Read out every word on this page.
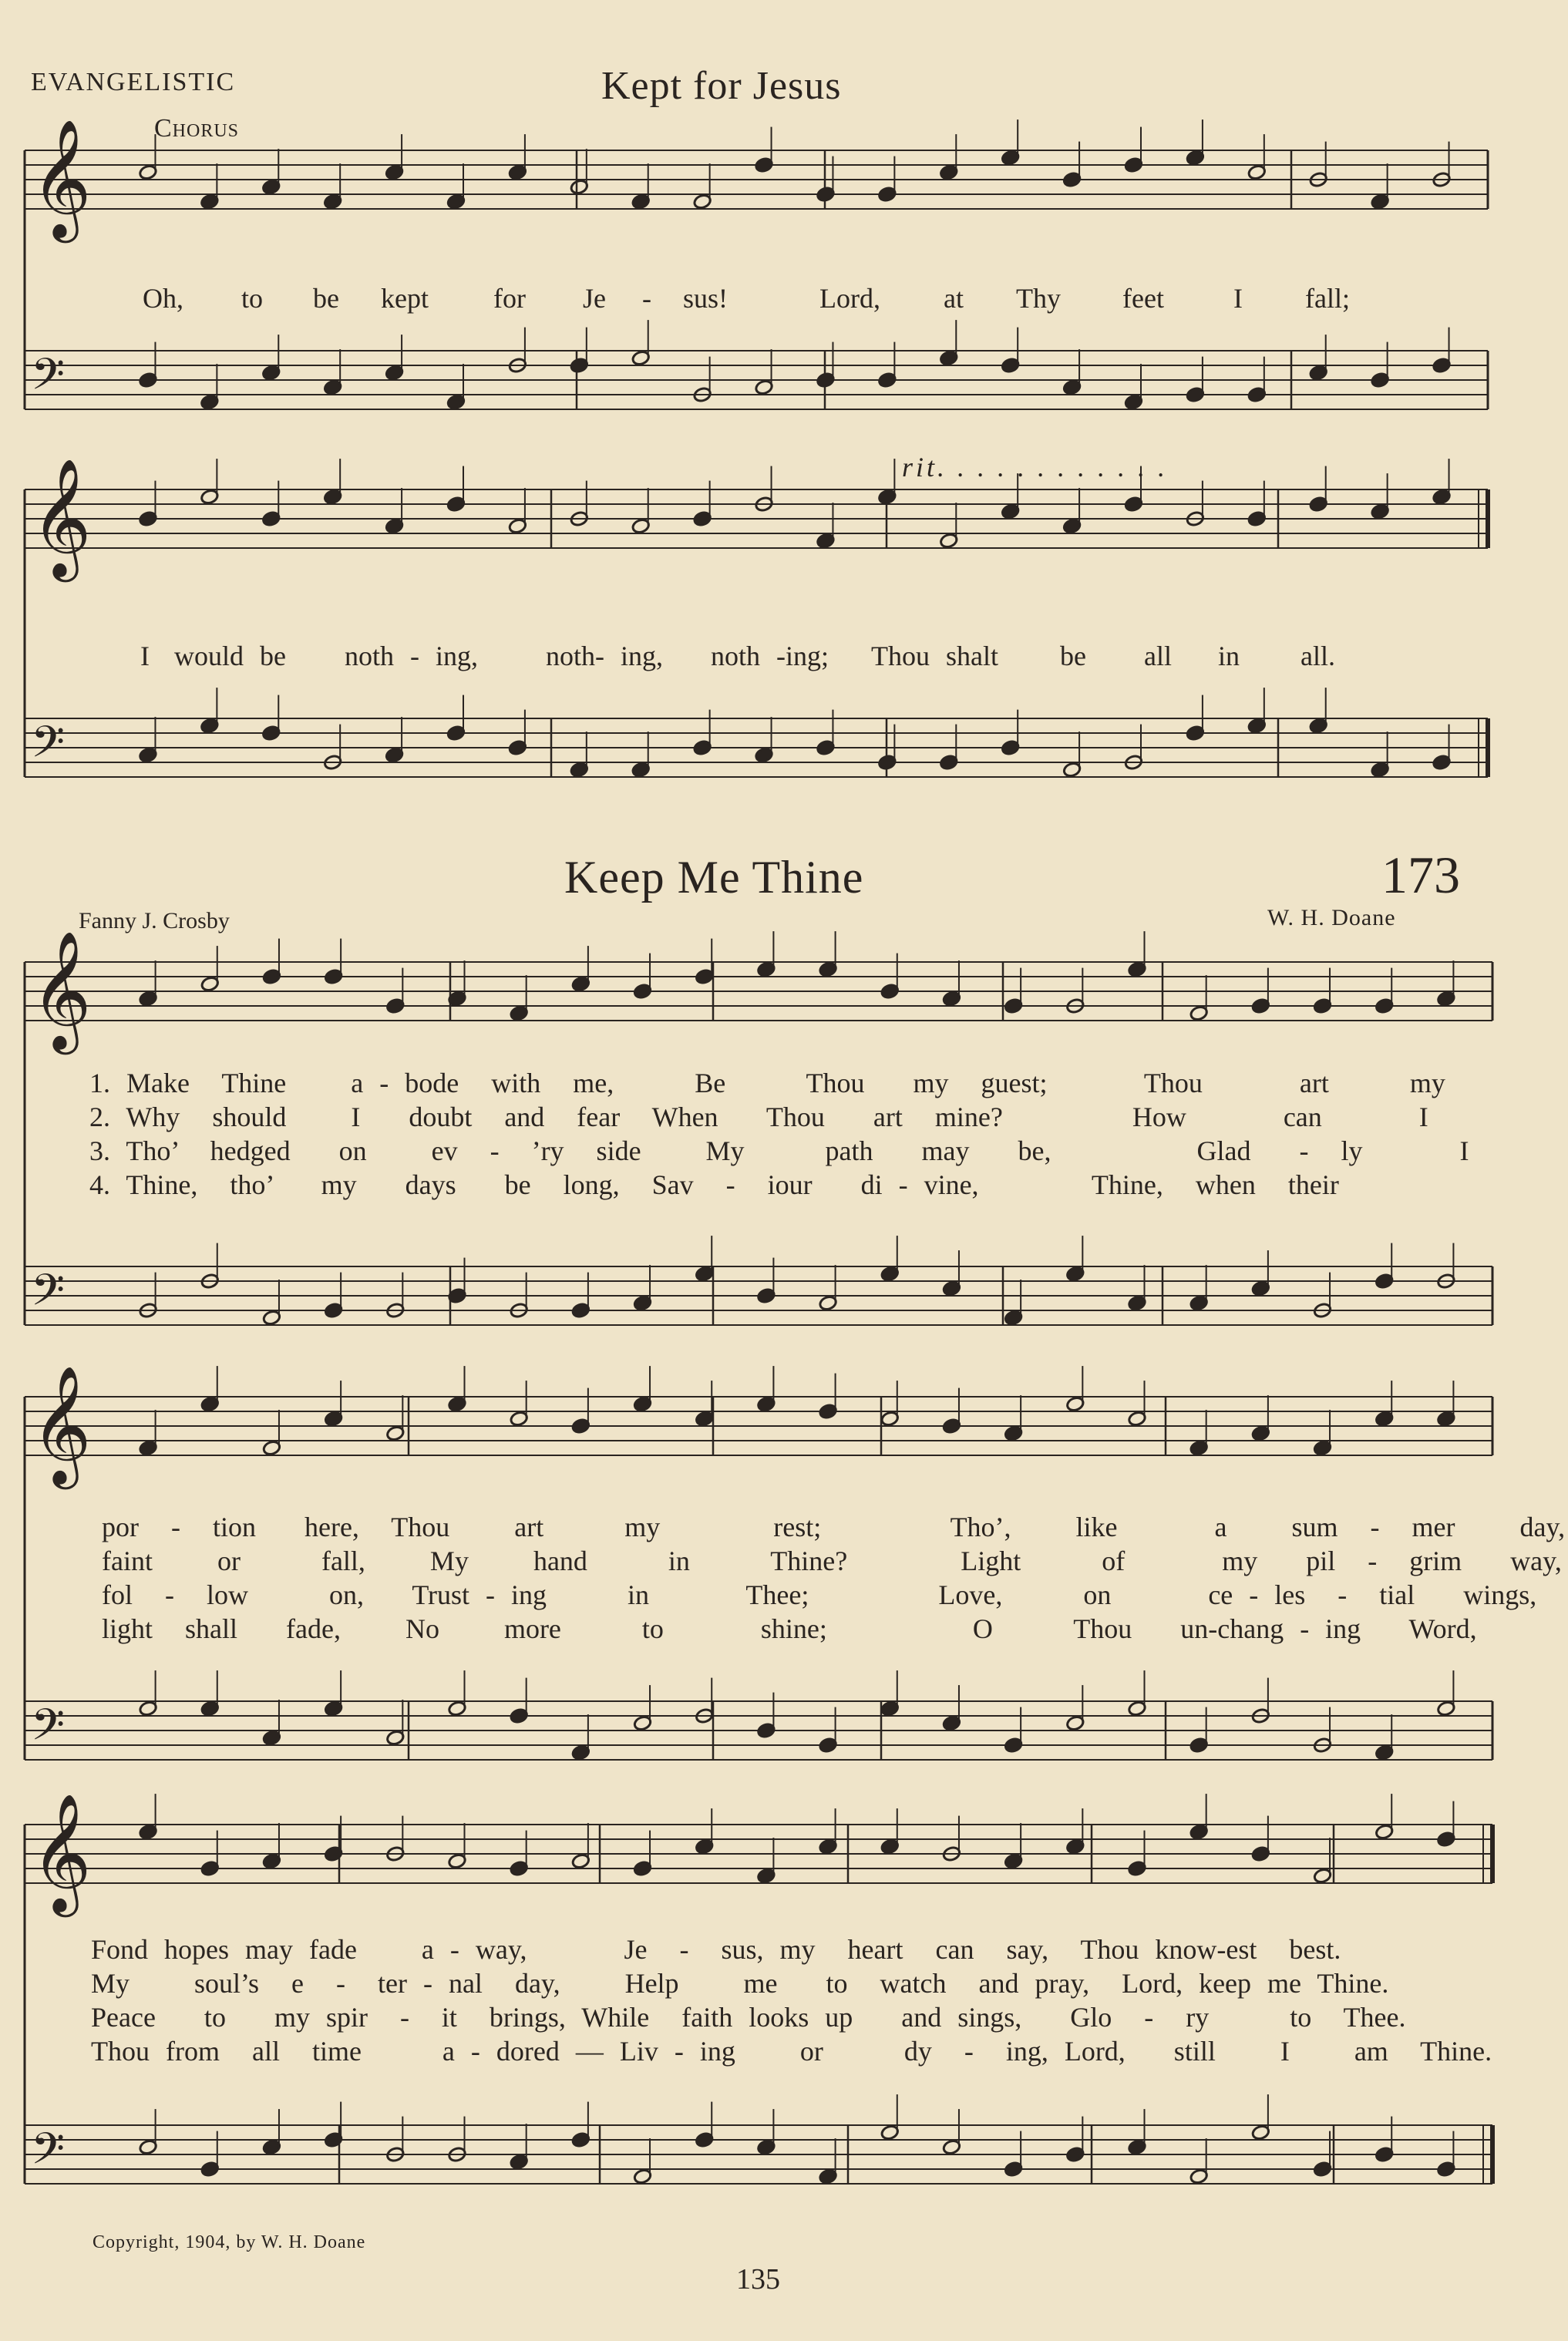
𝄞
𝄢
𝄞
𝄢
𝄞
𝄢
𝄞
𝄢
𝄞
𝄢
EVANGELISTIC	Kept for Jesus
Chorus
Oh, to be kept for Je - sus!	Lord, at Thy feet	I fall;
rit. . . . . . . . . . . .
I would be noth - ing, noth- ing, noth -ing; Thou shalt be all in all.
Keep Me Thine	173
Fanny J. Crosby	W. H. Doane
1. Make  Thine    a - bode  with  me,     Be     Thou   my  guest;      Thou      art     my
2. Why  should    I   doubt  and  fear  When   Thou   art  mine?        How      can      I
3. Tho’  hedged   on    ev  -  ’ry  side    My     path   may   be,         Glad   -  ly      I
4. Thine,  tho’   my   days   be  long,  Sav  -  iour   di - vine,       Thine,  when  their
por  -  tion   here,  Thou    art     my       rest;        Tho’,    like      a    sum  -  mer    day,
faint    or     fall,    My    hand     in     Thine?       Light     of      my   pil  -  grim   way,
fol  -  low     on,   Trust - ing     in      Thee;        Love,     on      ce - les  -  tial   wings,
light  shall   fade,    No    more     to      shine;         O     Thou   un-chang - ing   Word,
Fond hopes may fade    a - way,      Je  -  sus, my  heart  can  say,  Thou know-est  best.
My    soul’s  e  -  ter - nal  day,    Help    me   to  watch  and pray,  Lord, keep me Thine.
Peace   to   my spir  -  it  brings, While  faith looks up   and sings,   Glo  -  ry     to  Thee.
Thou from  all  time     a - dored — Liv - ing    or     dy  -  ing, Lord,   still    I    am  Thine.
Copyright, 1904, by W. H. Doane
135
